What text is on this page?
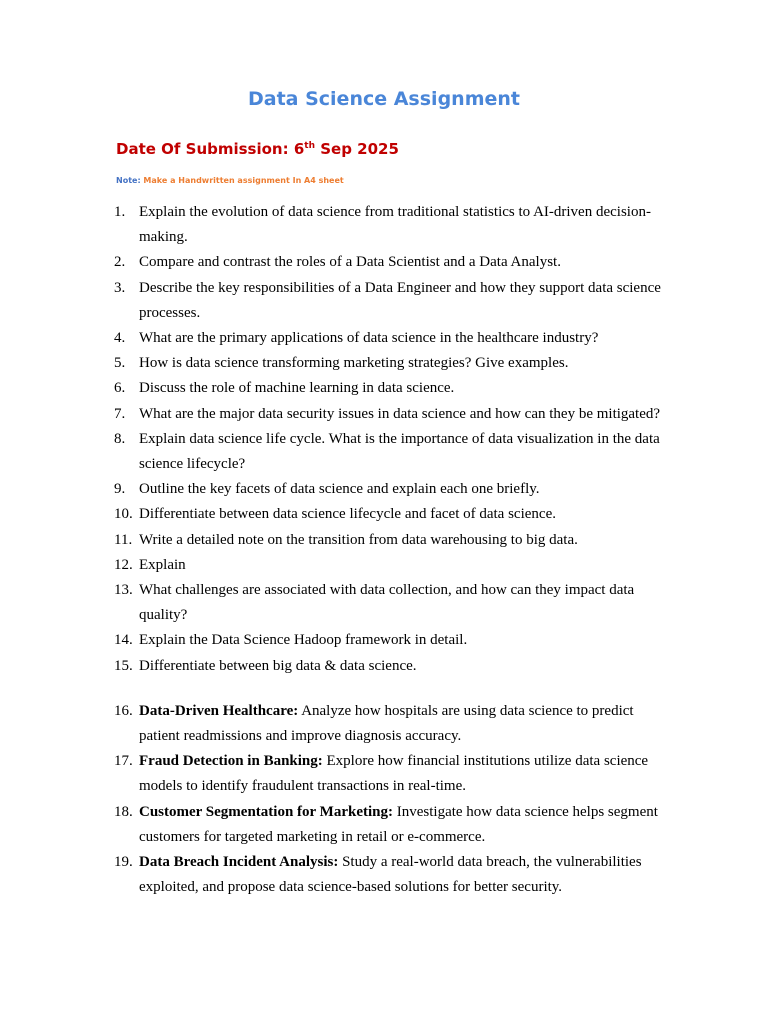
Data Science Assignment

Date Of Submission: 6th Sep 2025

Note: Make a Handwritten assignment In A4 sheet

1. Explain the evolution of data science from traditional statistics to AI-driven decision-making.
2. Compare and contrast the roles of a Data Scientist and a Data Analyst.
3. Describe the key responsibilities of a Data Engineer and how they support data science processes.
4. What are the primary applications of data science in the healthcare industry?
5. How is data science transforming marketing strategies? Give examples.
6. Discuss the role of machine learning in data science.
7. What are the major data security issues in data science and how can they be mitigated?
8. Explain data science life cycle. What is the importance of data visualization in the data science lifecycle?
9. Outline the key facets of data science and explain each one briefly.
10. Differentiate between data science lifecycle and facet of data science.
11. Write a detailed note on the transition from data warehousing to big data.
12. Explain
13. What challenges are associated with data collection, and how can they impact data quality?
14. Explain the Data Science Hadoop framework in detail.
15. Differentiate between big data & data science.
16. Data-Driven Healthcare: Analyze how hospitals are using data science to predict patient readmissions and improve diagnosis accuracy.
17. Fraud Detection in Banking: Explore how financial institutions utilize data science models to identify fraudulent transactions in real-time.
18. Customer Segmentation for Marketing: Investigate how data science helps segment customers for targeted marketing in retail or e-commerce.
19. Data Breach Incident Analysis: Study a real-world data breach, the vulnerabilities exploited, and propose data science-based solutions for better security.
